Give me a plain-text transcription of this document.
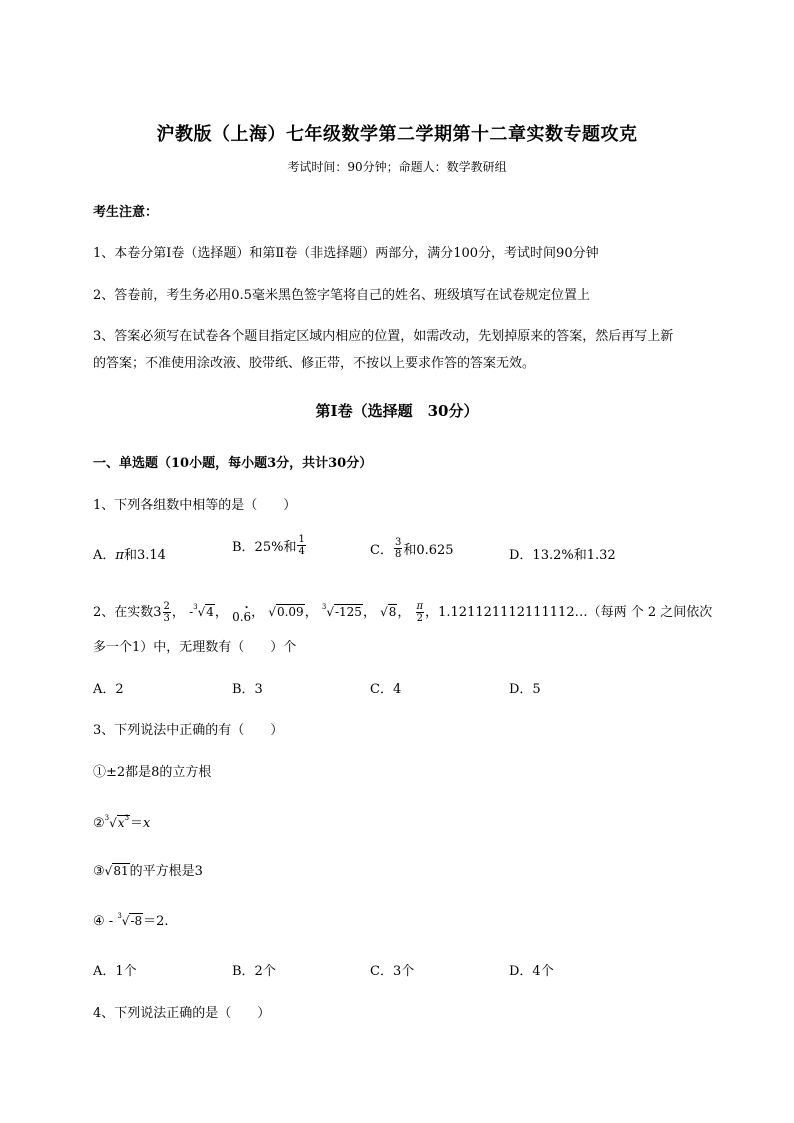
沪教版（上海）七年级数学第二学期第十二章实数专题攻克
考试时间：90分钟；命题人：数学教研组
考生注意：
1、本卷分第I卷（选择题）和第Ⅱ卷（非选择题）两部分，满分100分，考试时间90分钟
2、答卷前，考生务必用0.5毫米黑色签字笔将自己的姓名、班级填写在试卷规定位置上
3、答案必须写在试卷各个题目指定区域内相应的位置，如需改动，先划掉原来的答案，然后再写上新
的答案；不准使用涂改液、胶带纸、修正带，不按以上要求作答的答案无效。
第I卷（选择题　30分）
一、单选题（10小题，每小题3分，共计30分）
1、下列各组数中相等的是（　　）
A．π和3.14
B．25%和 $\frac{1}{4}$	C． $\frac{3}{8}$ 和0.625	D．13.2%和1.32
2、在实数$3 \frac{2}{3}$ ， -$^3$√4， 0.• 6， √0.09， $^3$√-125， √8， $\frac{\pi}{2}$ ，1.121121112111112…（每两 个 2 之间依次
多一个1）中，无理数有（　　）个
A．2	B．3	C．4	D．5
3、下列说法中正确的有（　　）
①±2都是8的立方根
$②^3√x^3=x$
③√81的平方根是3
④ - $^3$√-8＝2.
A．1个	B．2个	C．3个	D．4个
4、下列说法正确的是（　　）
